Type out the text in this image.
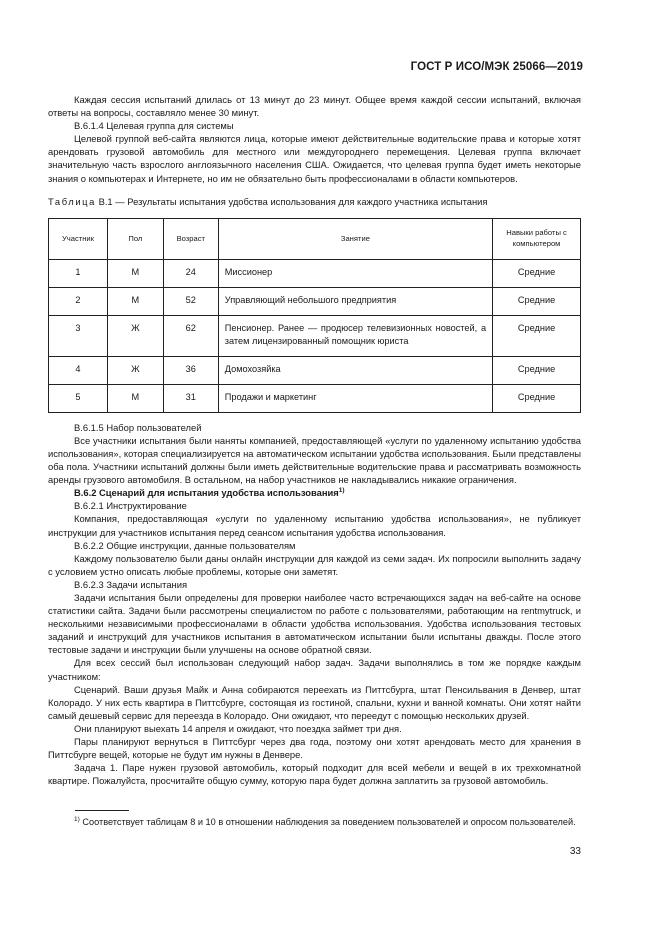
ГОСТ Р ИСО/МЭК 25066—2019

Каждая сессия испытаний длилась от 13 минут до 23 минут. Общее время каждой сессии испытаний, включая ответы на вопросы, составляло менее 30 минут.

В.6.1.4 Целевая группа для системы

Целевой группой веб-сайта являются лица, которые имеют действительные водительские права и которые хотят арендовать грузовой автомобиль для местного или междугороднего перемещения. Целевая группа включает значительную часть взрослого англоязычного населения США. Ожидается, что целевая группа будет иметь некоторые знания о компьютерах и Интернете, но им не обязательно быть профессионалами в области компьютеров.

Таблица В.1 — Результаты испытания удобства использования для каждого участника испытания

Участник	Пол	Возраст	Занятие	Навыки работы с компьютером
1	М	24	Миссионер	Средние
2	М	52	Управляющий небольшого предприятия	Средние
3	Ж	62	Пенсионер. Ранее — продюсер телевизионных новостей, а затем лицензированный помощник юриста	Средние
4	Ж	36	Домохозяйка	Средние
5	М	31	Продажи и маркетинг	Средние

В.6.1.5 Набор пользователей

Все участники испытания были наняты компанией, предоставляющей «услуги по удаленному испытанию удобства использования», которая специализируется на автоматическом испытании удобства использования. Были представлены оба пола. Участники испытаний должны были иметь действительные водительские права и рассматривать возможность аренды грузового автомобиля. В остальном, на набор участников не накладывались никакие ограничения.

В.6.2 Сценарий для испытания удобства использования$^{1)}$

В.6.2.1 Инструктирование

Компания, предоставляющая «услуги по удаленному испытанию удобства использования», не публикует инструкции для участников испытания перед сеансом испытания удобства использования.

В.6.2.2 Общие инструкции, данные пользователям

Каждому пользователю были даны онлайн инструкции для каждой из семи задач. Их попросили выполнить задачу с условием устно описать любые проблемы, которые они заметят.

В.6.2.3 Задачи испытания

Задачи испытания были определены для проверки наиболее часто встречающихся задач на веб-сайте на основе статистики сайта. Задачи были рассмотрены специалистом по работе с пользователями, работающим на rentmytruck, и несколькими независимыми профессионалами в области удобства использования. Удобства использования тестовых заданий и инструкций для участников испытания в автоматическом испытании были испытаны дважды. После этого тестовые задачи и инструкции были улучшены на основе обратной связи.

Для всех сессий был использован следующий набор задач. Задачи выполнялись в том же порядке каждым участником:

Сценарий. Ваши друзья Майк и Анна собираются переехать из Питтсбурга, штат Пенсильвания в Денвер, штат Колорадо. У них есть квартира в Питтсбурге, состоящая из гостиной, спальни, кухни и ванной комнаты. Они хотят найти самый дешевый сервис для переезда в Колорадо. Они ожидают, что переедут с помощью нескольких друзей.

Они планируют выехать 14 апреля и ожидают, что поездка займет три дня.

Пары планируют вернуться в Питтсбург через два года, поэтому они хотят арендовать место для хранения в Питтсбурге вещей, которые не будут им нужны в Денвере.

Задача 1. Паре нужен грузовой автомобиль, который подходит для всей мебели и вещей в их трехкомнатной квартире. Пожалуйста, просчитайте общую сумму, которую пара будет должна заплатить за грузовой автомобиль.

$^{1)}$ Соответствует таблицам 8 и 10 в отношении наблюдения за поведением пользователей и опросом пользователей.

33
